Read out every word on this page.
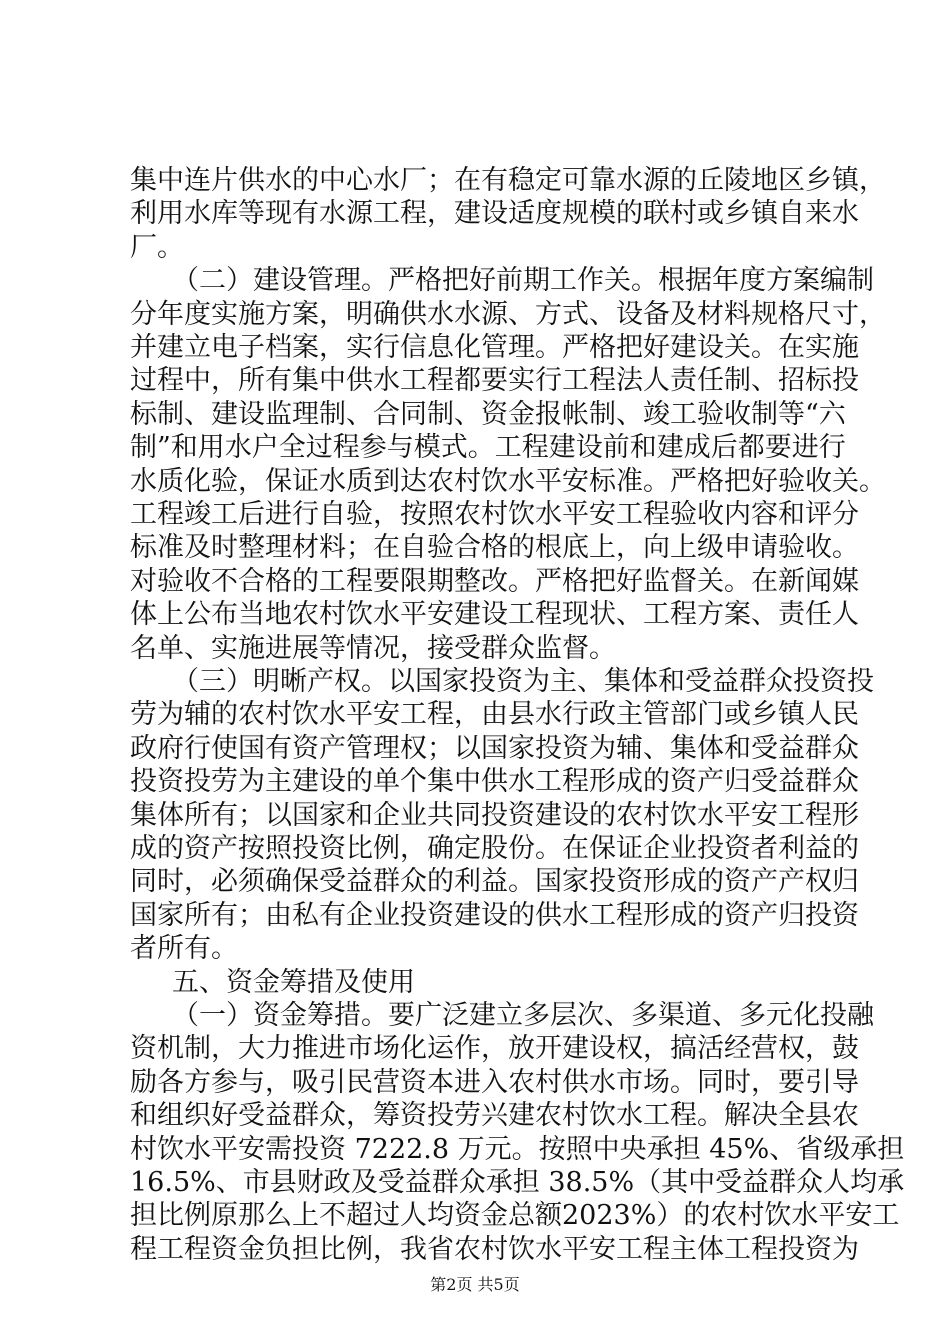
集中连片供水的中心水厂；在有稳定可靠水源的丘陵地区乡镇，
利用水库等现有水源工程，建设适度规模的联村或乡镇自来水
厂。
（二）建设管理。严格把好前期工作关。根据年度方案编制
分年度实施方案，明确供水水源、方式、设备及材料规格尺寸，
并建立电子档案，实行信息化管理。严格把好建设关。在实施
过程中，所有集中供水工程都要实行工程法人责任制、招标投
标制、建设监理制、合同制、资金报帐制、竣工验收制等“六
制”和用水户全过程参与模式。工程建设前和建成后都要进行
水质化验，保证水质到达农村饮水平安标准。严格把好验收关。
工程竣工后进行自验，按照农村饮水平安工程验收内容和评分
标准及时整理材料；在自验合格的根底上，向上级申请验收。
对验收不合格的工程要限期整改。严格把好监督关。在新闻媒
体上公布当地农村饮水平安建设工程现状、工程方案、责任人
名单、实施进展等情况，接受群众监督。
（三）明晰产权。以国家投资为主、集体和受益群众投资投
劳为辅的农村饮水平安工程，由县水行政主管部门或乡镇人民
政府行使国有资产管理权；以国家投资为辅、集体和受益群众
投资投劳为主建设的单个集中供水工程形成的资产归受益群众
集体所有；以国家和企业共同投资建设的农村饮水平安工程形
成的资产按照投资比例，确定股份。在保证企业投资者利益的
同时，必须确保受益群众的利益。国家投资形成的资产产权归
国家所有；由私有企业投资建设的供水工程形成的资产归投资
者所有。
五、资金筹措及使用
（一）资金筹措。要广泛建立多层次、多渠道、多元化投融
资机制，大力推进市场化运作，放开建设权，搞活经营权，鼓
励各方参与，吸引民营资本进入农村供水市场。同时，要引导
和组织好受益群众，筹资投劳兴建农村饮水工程。解决全县农
村饮水平安需投资 7222.8 万元。按照中央承担 45%、省级承担
16.5%、市县财政及受益群众承担 38.5%（其中受益群众人均承
担比例原那么上不超过人均资金总额2023%）的农村饮水平安工
程工程资金负担比例，我省农村饮水平安工程主体工程投资为
第2页 共5页
